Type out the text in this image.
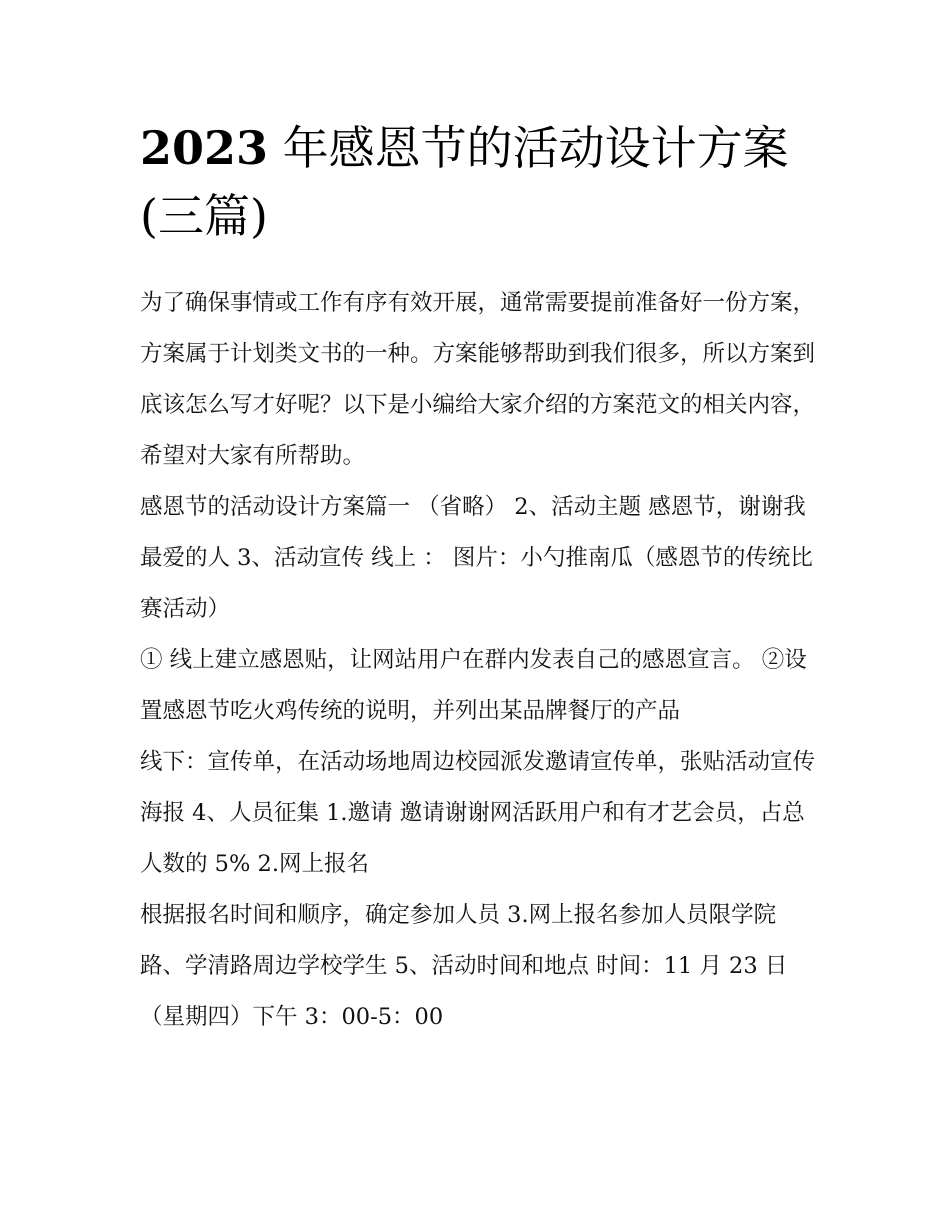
2023 年感恩节的活动设计方案(三篇)

为了确保事情或工作有序有效开展，通常需要提前准备好一份方案，方案属于计划类文书的一种。方案能够帮助到我们很多，所以方案到底该怎么写才好呢？以下是小编给大家介绍的方案范文的相关内容，希望对大家有所帮助。

感恩节的活动设计方案篇一 （省略） 2、活动主题 感恩节，谢谢我最爱的人 3、活动宣传 线上 ： 图片：小勺推南瓜（感恩节的传统比赛活动）

① 线上建立感恩贴，让网站用户在群内发表自己的感恩宣言。 ②设置感恩节吃火鸡传统的说明，并列出某品牌餐厅的产品

线下：宣传单，在活动场地周边校园派发邀请宣传单，张贴活动宣传海报 4、人员征集 1.邀请 邀请谢谢网活跃用户和有才艺会员，占总人数的 5% 2.网上报名

根据报名时间和顺序，确定参加人员 3.网上报名参加人员限学院路、学清路周边学校学生 5、活动时间和地点 时间：11 月 23 日（星期四）下午 3：00-5：00
